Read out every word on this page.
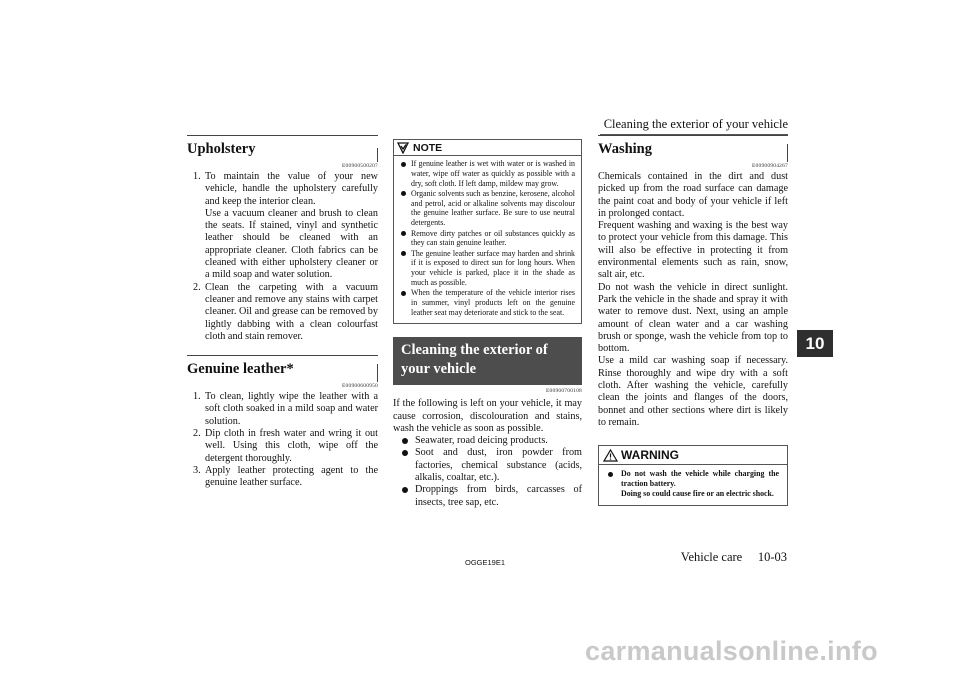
Cleaning the exterior of your vehicle
10
Upholstery
E00900500207
1. To maintain the value of your new vehicle, handle the upholstery carefully and keep the interior clean.
Use a vacuum cleaner and brush to clean the seats. If stained, vinyl and synthetic leather should be cleaned with an appropriate cleaner. Cloth fabrics can be cleaned with either upholstery cleaner or a mild soap and water solution.
2. Clean the carpeting with a vacuum cleaner and remove any stains with carpet cleaner. Oil and grease can be removed by lightly dabbing with a clean colourfast cloth and stain remover.
Genuine leather*
E00900600950
1. To clean, lightly wipe the leather with a soft cloth soaked in a mild soap and water solution.
2. Dip cloth in fresh water and wring it out well. Using this cloth, wipe off the detergent thoroughly.
3. Apply leather protecting agent to the genuine leather surface.
NOTE

If genuine leather is wet with water or is washed in water, wipe off water as quickly as possible with a dry, soft cloth. If left damp, mildew may grow.

Organic solvents such as benzine, kerosene, alcohol and petrol, acid or alkaline solvents may discolour the genuine leather surface. Be sure to use neutral detergents.

Remove dirty patches or oil substances quickly as they can stain genuine leather.

The genuine leather surface may harden and shrink if it is exposed to direct sun for long hours. When your vehicle is parked, place it in the shade as much as possible.

When the temperature of the vehicle interior rises in summer, vinyl products left on the genuine leather seat may deteriorate and stick to the seat.

Cleaning the exterior of your vehicle
E00900700108

If the following is left on your vehicle, it may cause corrosion, discolouration and stains, wash the vehicle as soon as possible.

Seawater, road deicing products.

Soot and dust, iron powder from factories, chemical substance (acids, alkalis, coaltar, etc.).

Droppings from birds, carcasses of insects, tree sap, etc.

Washing
E00900904267

Chemicals contained in the dirt and dust picked up from the road surface can damage the paint coat and body of your vehicle if left in prolonged contact.

Frequent washing and waxing is the best way to protect your vehicle from this damage. This will also be effective in protecting it from environmental elements such as rain, snow, salt air, etc.

Do not wash the vehicle in direct sunlight. Park the vehicle in the shade and spray it with water to remove dust. Next, using an ample amount of clean water and a car washing brush or sponge, wash the vehicle from top to bottom.

Use a mild car washing soap if necessary. Rinse thoroughly and wipe dry with a soft cloth. After washing the vehicle, carefully clean the joints and flanges of the doors, bonnet and other sections where dirt is likely to remain.

WARNING
Do not wash the vehicle while charging the traction battery.
Doing so could cause fire or an electric shock.
OGGE19E1	Vehicle care     10-03
carmanualsonline.info
